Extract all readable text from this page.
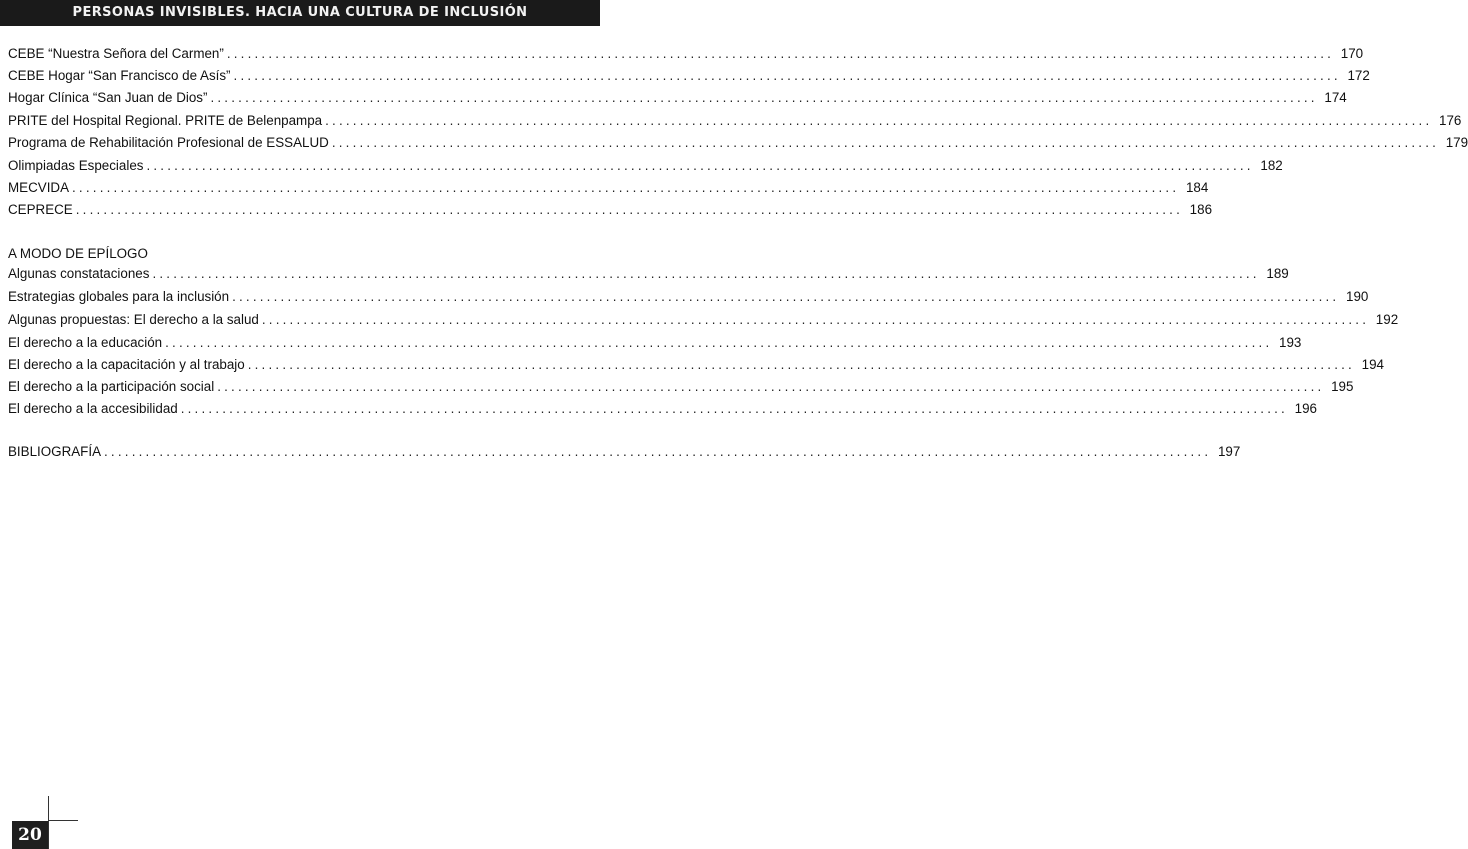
PERSONAS INVISIBLES. HACIA UNA CULTURA DE INCLUSIÓN
CEBE “Nuestra Señora del Carmen” ................................................................................................................................................................ 170
CEBE Hogar “San Francisco de Asís” ................................................................................................................................................................ 172
Hogar Clínica “San Juan de Dios” ................................................................................................................................................................ 174
PRITE del Hospital Regional. PRITE de Belenpampa ................................................................................................................................................................ 176
Programa de Rehabilitación Profesional de ESSALUD ................................................................................................................................................................ 179
Olimpiadas Especiales ................................................................................................................................................................ 182
MECVIDA ................................................................................................................................................................ 184
CEPRECE ................................................................................................................................................................ 186
A MODO DE EPÍLOGO
Algunas constataciones ................................................................................................................................................................ 189
Estrategias globales para la inclusión ................................................................................................................................................................ 190
Algunas propuestas: El derecho a la salud ................................................................................................................................................................ 192
El derecho a la educación ................................................................................................................................................................ 193
El derecho a la capacitación y al trabajo ................................................................................................................................................................ 194
El derecho a la participación social ................................................................................................................................................................ 195
El derecho a la accesibilidad ................................................................................................................................................................ 196
BIBLIOGRAFÍA ................................................................................................................................................................ 197
20
